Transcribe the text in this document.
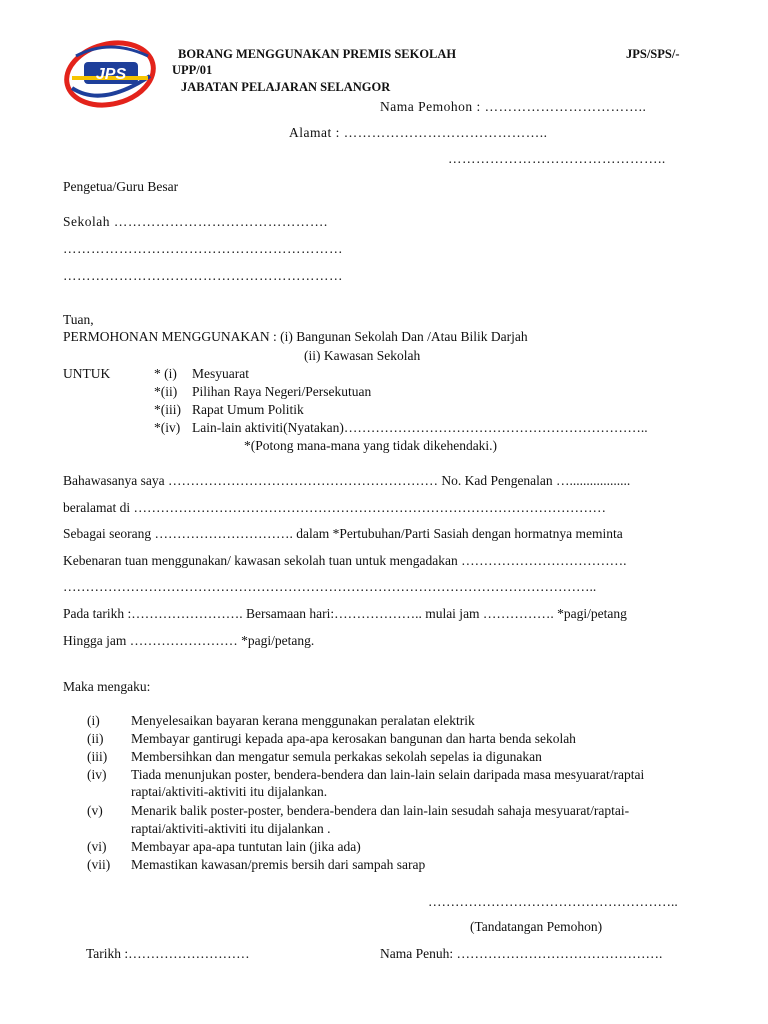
JPS
BORANG MENGGUNAKAN PREMIS SEKOLAH	JPS/SPS/-
UPP/01
JABATAN PELAJARAN SELANGOR
Nama Pemohon : ……………………………..
Alamat : ……………………………………..
………………………………………..
Pengetua/Guru Besar
Sekolah ……………………………………….
……………………………………………………
……………………………………………………
Tuan,
PERMOHONAN MENGGUNAKAN : (i) Bangunan Sekolah Dan /Atau Bilik Darjah
(ii) Kawasan Sekolah
UNTUK	* (i) Mesyuarat
*(ii) Pilihan Raya Negeri/Persekutuan
*(iii) Rapat Umum Politik
*(iv) Lain-lain aktiviti(Nyatakan)…………………………………………………………..
*(Potong mana-mana yang tidak dikehendaki.)
Bahawasanya saya …………………………………………………… No. Kad Pengenalan …..................
beralamat di ……………………………………………………………………………………………
Sebagai seorang …………………………. dalam *Pertubuhan/Parti Sasiah dengan hormatnya meminta
Kebenaran tuan menggunakan/ kawasan sekolah tuan untuk mengadakan ……………………………….
………………………………………………………………………………………………………..
Pada tarikh :……………………. Bersamaan hari:……………….. mulai jam ……………. *pagi/petang
Hingga jam …………………… *pagi/petang.
Maka mengaku:
(i) Menyelesaikan bayaran kerana menggunakan peralatan elektrik
(ii) Membayar gantirugi kepada apa-apa kerosakan bangunan dan harta benda sekolah
(iii) Membersihkan dan mengatur semula perkakas sekolah sepelas ia digunakan
(iv) Tiada menunjukan poster, bendera-bendera dan lain-lain selain daripada masa mesyuarat/raptai
raptai/aktiviti-aktiviti itu dijalankan.
(v) Menarik balik poster-poster, bendera-bendera dan lain-lain sesudah sahaja mesyuarat/raptai-
raptai/aktiviti-aktiviti itu dijalankan .
(vi) Membayar apa-apa tuntutan lain (jika ada)
(vii) Memastikan kawasan/premis bersih dari sampah sarap
………………………………………………..
(Tandatangan Pemohon)
Tarikh :………………………	Nama Penuh: ……………………………………….
